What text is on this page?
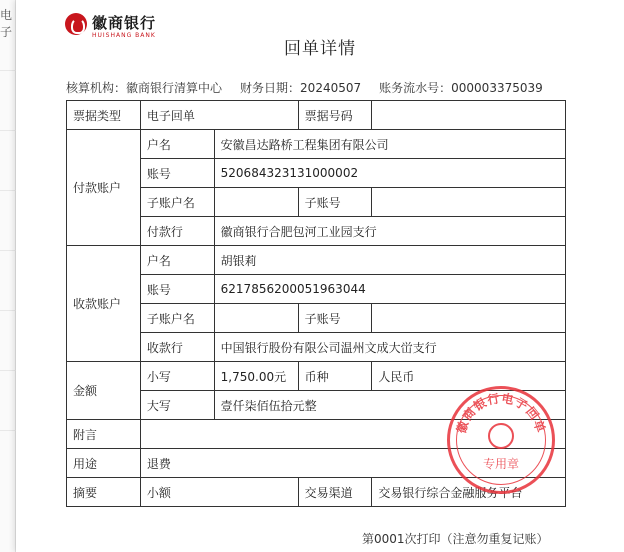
电子	徽商银行
HUISHANG BANK
回单详情
核算机构：徽商银行清算中心 财务日期：20240507 账务流水号：000003375039
票据类型	电子回单		票据号码	
付款账户	户名	安徽昌达路桥工程集团有限公司		
	账号	520684323131000002		
	子账户名		子账号	
	付款行	徽商银行合肥包河工业园支行		
收款账户	户名	胡银莉		
	账号	6217856200051963044		
	子账户名		子账号	
	收款行	中国银行股份有限公司温州文成大峃支行		
金额	小写	1,750.00元	币种	人民币
	大写	壹仟柒佰伍拾元整		
附言				
用途	退费			
摘要	小额		交易渠道	交易银行综合金融服务平台
徽商银行电子回单
专用章
第0001次打印（注意勿重复记账）
